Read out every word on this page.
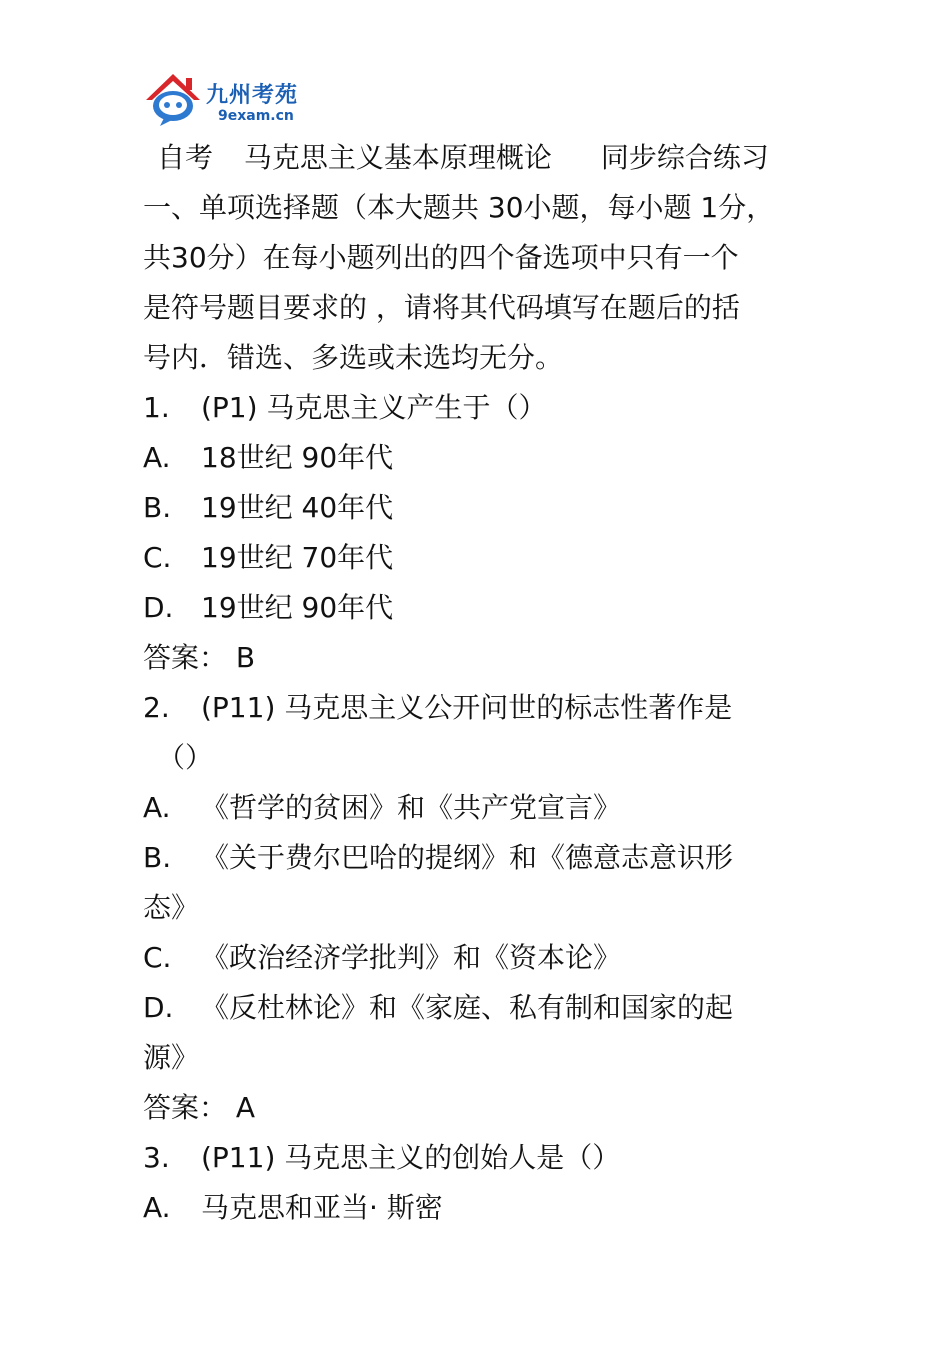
九州考苑
9exam.cn
自考 马克思主义基本原理概论 同步综合练习
一、单项选择题（本大题共 30小题，每小题 1分，
共30分）在每小题列出的四个备选项中只有一个
是符号题目要求的 ，请将其代码填写在题后的括
号内．错选、多选或未选均无分。
1. (P1) 马克思主义产生于（）
A. 18世纪 90年代
B. 19世纪 40年代
C. 19世纪 70年代
D. 19世纪 90年代
答案： B
2. (P11) 马克思主义公开问世的标志性著作是
（）
A. 《哲学的贫困》和《共产党宣言》
B. 《关于费尔巴哈的提纲》和《德意志意识形
态》
C. 《政治经济学批判》和《资本论》
D. 《反杜林论》和《家庭、私有制和国家的起
源》
答案： A
3. (P11) 马克思主义的创始人是（）
A. 马克思和亚当· 斯密
